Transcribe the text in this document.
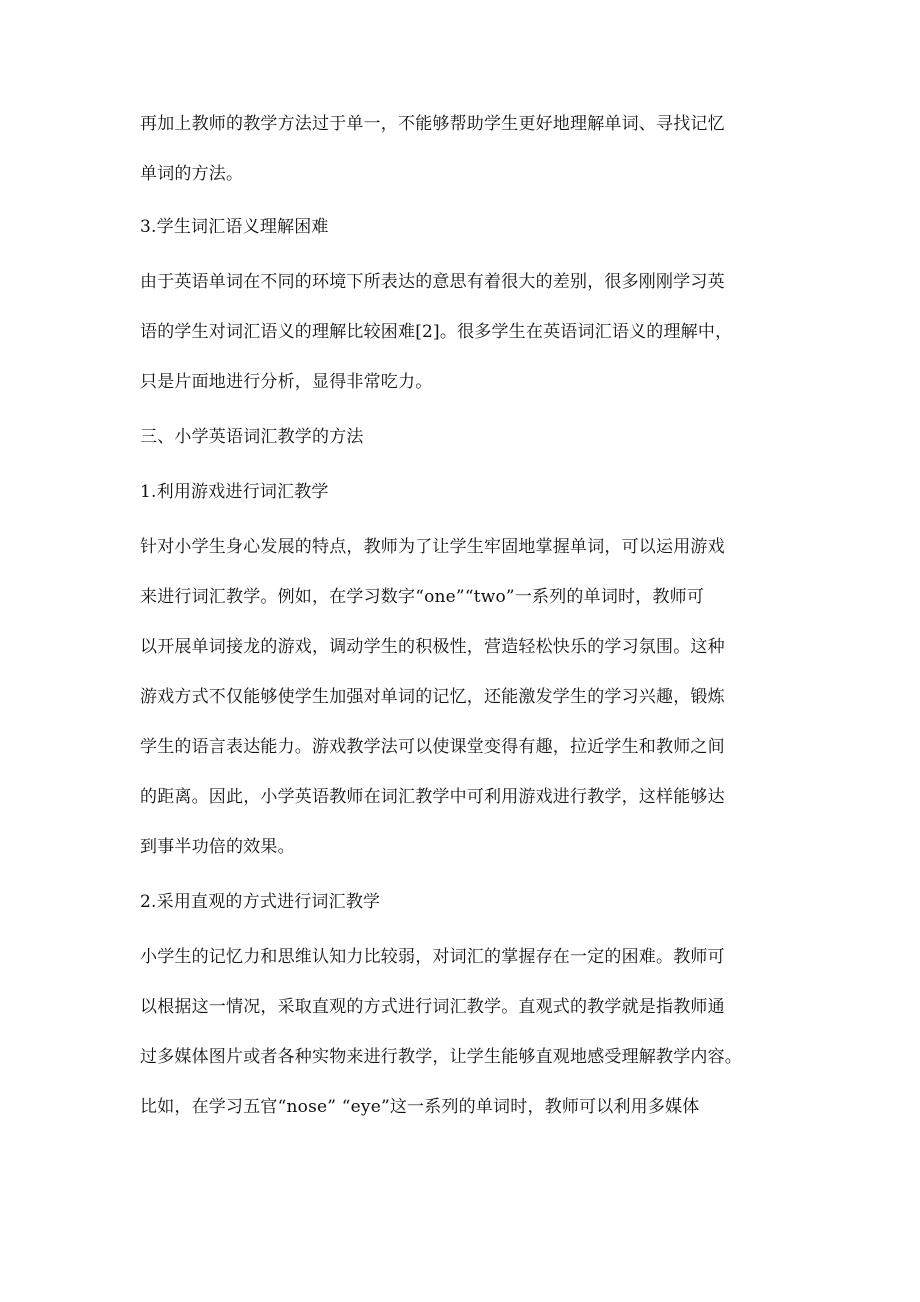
再加上教师的教学方法过于单一，不能够帮助学生更好地理解单词、寻找记忆
单词的方法。
3.学生词汇语义理解困难
由于英语单词在不同的环境下所表达的意思有着很大的差别，很多刚刚学习英
语的学生对词汇语义的理解比较困难[2]。很多学生在英语词汇语义的理解中，
只是片面地进行分析，显得非常吃力。
三、小学英语词汇教学的方法
1.利用游戏进行词汇教学
针对小学生身心发展的特点，教师为了让学生牢固地掌握单词，可以运用游戏
来进行词汇教学。例如，在学习数字“one”“two”一系列的单词时，教师可
以开展单词接龙的游戏，调动学生的积极性，营造轻松快乐的学习氛围。这种
游戏方式不仅能够使学生加强对单词的记忆，还能激发学生的学习兴趣，锻炼
学生的语言表达能力。游戏教学法可以使课堂变得有趣，拉近学生和教师之间
的距离。因此，小学英语教师在词汇教学中可利用游戏进行教学，这样能够达
到事半功倍的效果。
2.采用直观的方式进行词汇教学
小学生的记忆力和思维认知力比较弱，对词汇的掌握存在一定的困难。教师可
以根据这一情况，采取直观的方式进行词汇教学。直观式的教学就是指教师通
过多媒体图片或者各种实物来进行教学，让学生能够直观地感受理解教学内容。
比如，在学习五官“nose” “eye”这一系列的单词时，教师可以利用多媒体
